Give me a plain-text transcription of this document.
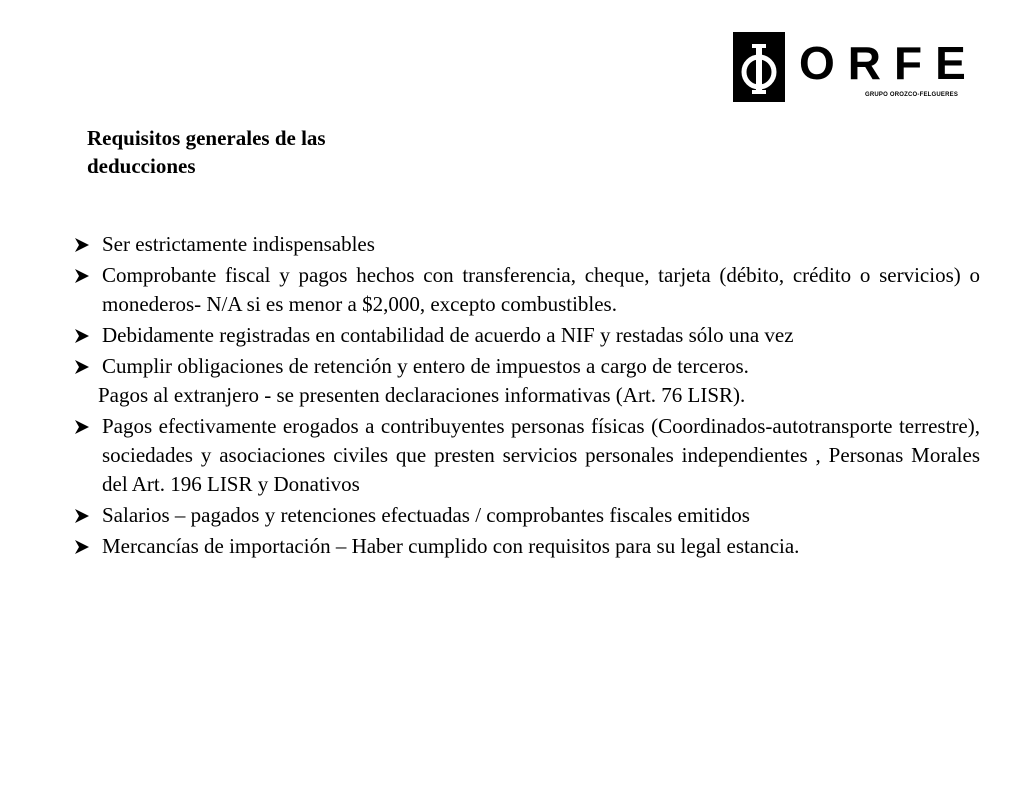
ORFE
GRUPO OROZCO-FELGUERES
Requisitos generales de las deducciones
Ser estrictamente indispensables
Comprobante fiscal y pagos hechos con transferencia, cheque, tarjeta (débito, crédito o servicios) o monederos- N/A si es menor a $2,000, excepto combustibles.
Debidamente registradas en contabilidad de acuerdo a NIF y restadas sólo una vez
Cumplir obligaciones de retención y entero de impuestos a cargo de terceros.
Pagos al extranjero - se presenten declaraciones informativas (Art. 76 LISR).
Pagos efectivamente erogados a contribuyentes personas físicas (Coordinados-autotransporte terrestre), sociedades y asociaciones civiles que presten servicios personales independientes , Personas Morales del Art. 196 LISR y Donativos
Salarios – pagados y retenciones efectuadas / comprobantes fiscales emitidos
Mercancías de importación – Haber cumplido con requisitos para su legal estancia.
